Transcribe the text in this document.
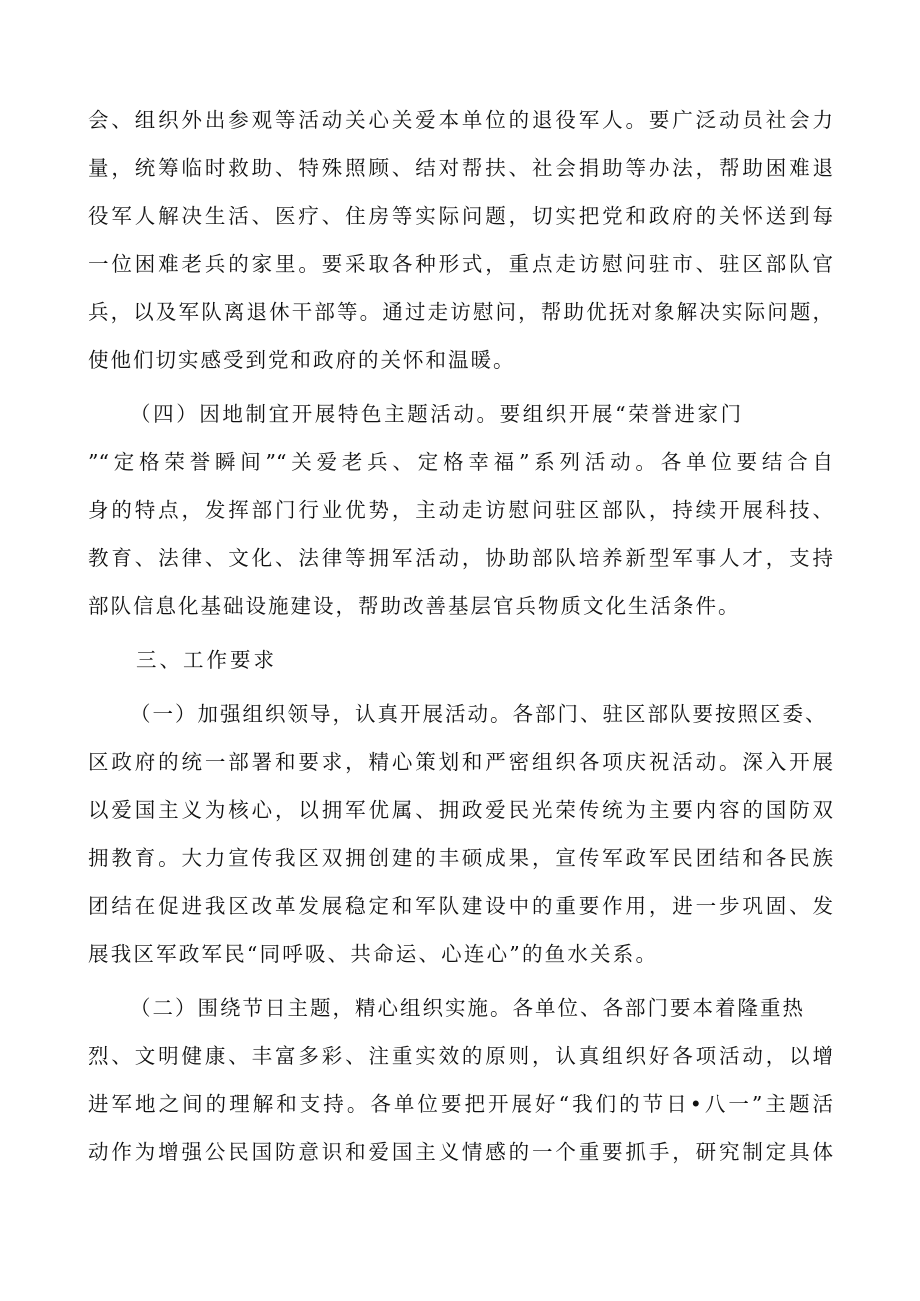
会、组织外出参观等活动关心关爱本单位的退役军人。要广泛动员社会力
量，统筹临时救助、特殊照顾、结对帮扶、社会捐助等办法，帮助困难退
役军人解决生活、医疗、住房等实际问题，切实把党和政府的关怀送到每
一位困难老兵的家里。要采取各种形式，重点走访慰问驻市、驻区部队官
兵，以及军队离退休干部等。通过走访慰问，帮助优抚对象解决实际问题，
使他们切实感受到党和政府的关怀和温暖。
（四）因地制宜开展特色主题活动。要组织开展“荣誉进家门
”“定格荣誉瞬间”“关爱老兵、定格幸福”系列活动。各单位要结合自
身的特点，发挥部门行业优势，主动走访慰问驻区部队，持续开展科技、
教育、法律、文化、法律等拥军活动，协助部队培养新型军事人才，支持
部队信息化基础设施建设，帮助改善基层官兵物质文化生活条件。
三、工作要求
（一）加强组织领导，认真开展活动。各部门、驻区部队要按照区委、
区政府的统一部署和要求，精心策划和严密组织各项庆祝活动。深入开展
以爱国主义为核心，以拥军优属、拥政爱民光荣传统为主要内容的国防双
拥教育。大力宣传我区双拥创建的丰硕成果，宣传军政军民团结和各民族
团结在促进我区改革发展稳定和军队建设中的重要作用，进一步巩固、发
展我区军政军民“同呼吸、共命运、心连心”的鱼水关系。
（二）围绕节日主题，精心组织实施。各单位、各部门要本着隆重热
烈、文明健康、丰富多彩、注重实效的原则，认真组织好各项活动，以增
进军地之间的理解和支持。各单位要把开展好“我们的节日•八一”主题活
动作为增强公民国防意识和爱国主义情感的一个重要抓手，研究制定具体
